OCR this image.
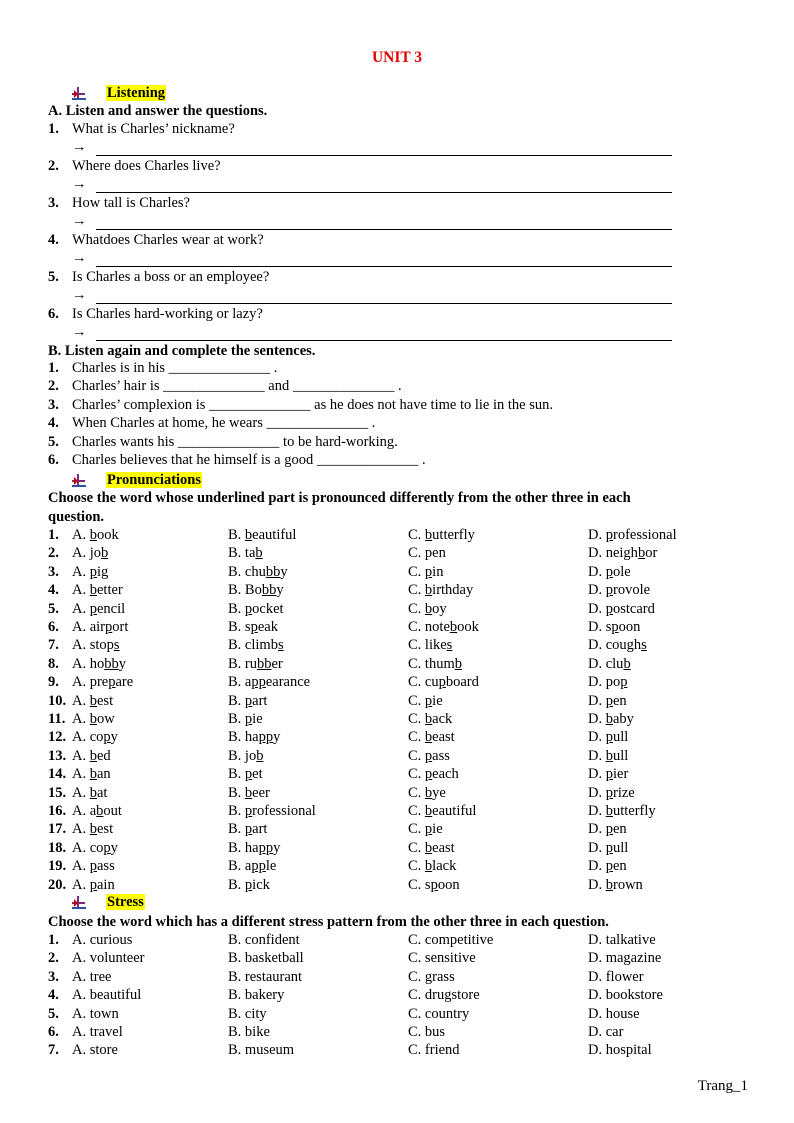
UNIT 3
Listening
A. Listen and answer the questions.
1. What is Charles’ nickname?
→
2. Where does Charles live?
→
3. How tall is Charles?
→
4. Whatdoes Charles wear at work?
→
5. Is Charles a boss or an employee?
→
6. Is Charles hard-working or lazy?
→
B. Listen again and complete the sentences.
1. Charles is in his ______________ .
2. Charles’ hair is ______________ and ______________ .
3. Charles’ complexion is ______________ as he does not have time to lie in the sun.
4. When Charles at home, he wears ______________ .
5. Charles wants his ______________ to be hard-working.
6. Charles believes that he himself is a good ______________ .
Pronunciations
Choose the word whose underlined part is pronounced differently from the other three in each
question.
1. A. book	B. beautiful	C. butterfly	D. professional
2. A. job	B. tab	C. pen	D. neighbor
3. A. pig	B. chubby	C. pin	D. pole
4. A. better	B. Bobby	C. birthday	D. provole
5. A. pencil	B. pocket	C. boy	D. postcard
6. A. airport	B. speak	C. notebook	D. spoon
7. A. stops	B. climbs	C. likes	D. coughs
8. A. hobby	B. rubber	C. thumb	D. club
9. A. prepare	B. appearance	C. cupboard	D. pop
10. A. best	B. part	C. pie	D. pen
11. A. bow	B. pie	C. back	D. baby
12. A. copy	B. happy	C. beast	D. pull
13. A. bed	B. job	C. pass	D. bull
14. A. ban	B. pet	C. peach	D. pier
15. A. bat	B. beer	C. bye	D. prize
16. A. about	B. professional	C. beautiful	D. butterfly
17. A. best	B. part	C. pie	D. pen
18. A. copy	B. happy	C. beast	D. pull
19. A. pass	B. apple	C. black	D. pen
20. A. pain	B. pick	C. spoon	D. brown
Stress
Choose the word which has a different stress pattern from the other three in each question.
1. A. curious	B. confident	C. competitive	D. talkative
2. A. volunteer	B. basketball	C. sensitive	D. magazine
3. A. tree	B. restaurant	C. grass	D. flower
4. A. beautiful	B. bakery	C. drugstore	D. bookstore
5. A. town	B. city	C. country	D. house
6. A. travel	B. bike	C. bus	D. car
7. A. store	B. museum	C. friend	D. hospital
Trang_1
